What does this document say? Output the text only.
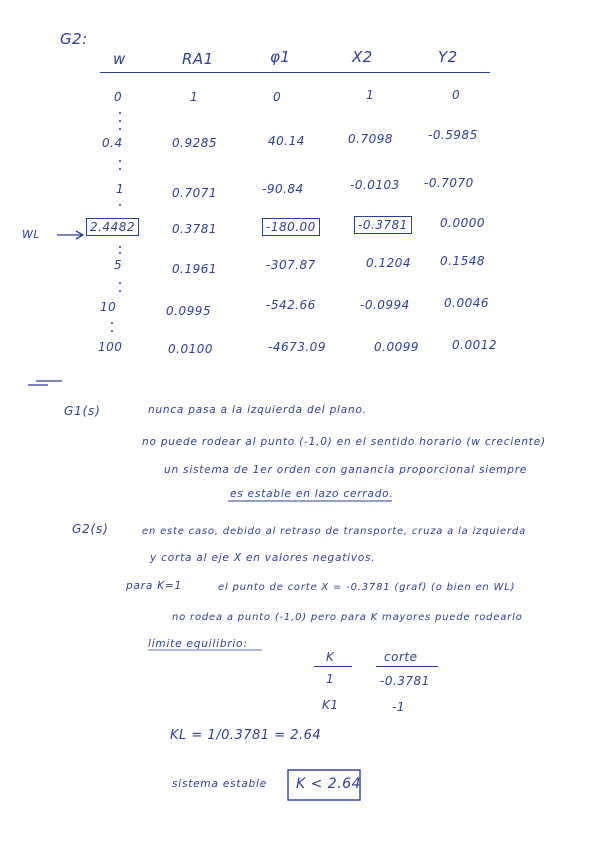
G2:
w	RA1	φ1	X2	Y2
0	1	0	1	0
0.4	0.9285	40.14	0.7098	-0.5985
1	0.7071	-90.84	-0.0103 -0.7070
WL
2.4482	0.3781	-180.00	-0.3781	0.0000
5	0.1961	-307.87	0.1204 0.1548
10	0.0995	-542.66	-0.0994	0.0046
100	0.0100	-4673.09	0.0099	0.0012
G1(s)	nunca pasa a la izquierda del plano.
no puede rodear al punto (-1,0) en el sentido horario (w creciente)
un sistema de 1er orden con ganancia proporcional siempre
es estable en lazo cerrado.
G2(s)	en este caso, debido al retraso de transporte, cruza a la izquierda
y corta al eje X en valores negativos.
para K=1	el punto de corte X = -0.3781 (graf) (o bien en WL)
no rodea a punto (-1,0) pero para K mayores puede rodearlo
límite equilibrio:
K	corte
1	-0.3781
K1	-1
KL = 1/0.3781 = 2.64
sistema estable K < 2.64
